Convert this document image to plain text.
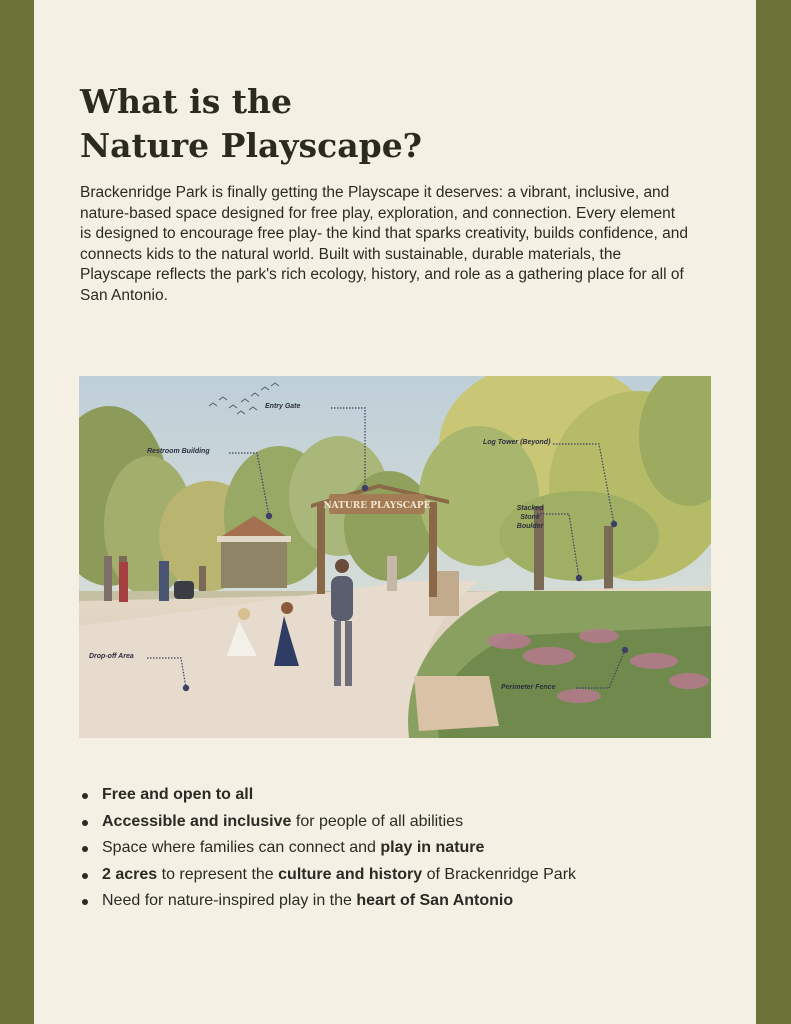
What is the
Nature Playscape?

Brackenridge Park is finally getting the Playscape it deserves: a vibrant, inclusive, and nature-based space designed for free play, exploration, and connection. Every element is designed to encourage free play- the kind that sparks creativity, builds confidence, and connects kids to the natural world. Built with sustainable, durable materials, the Playscape reflects the park's rich ecology, history, and role as a gathering place for all of San Antonio.

NATURE PLAYSCAPE
Entry Gate
Restroom Building
Log Tower (Beyond)
Stacked Stone Boulder
Drop-off Area
Perimeter Fence
Free and open to all
Accessible and inclusive for people of all abilities
Space where families can connect and play in nature
2 acres to represent the culture and history of Brackenridge Park
Need for nature-inspired play in the heart of San Antonio
